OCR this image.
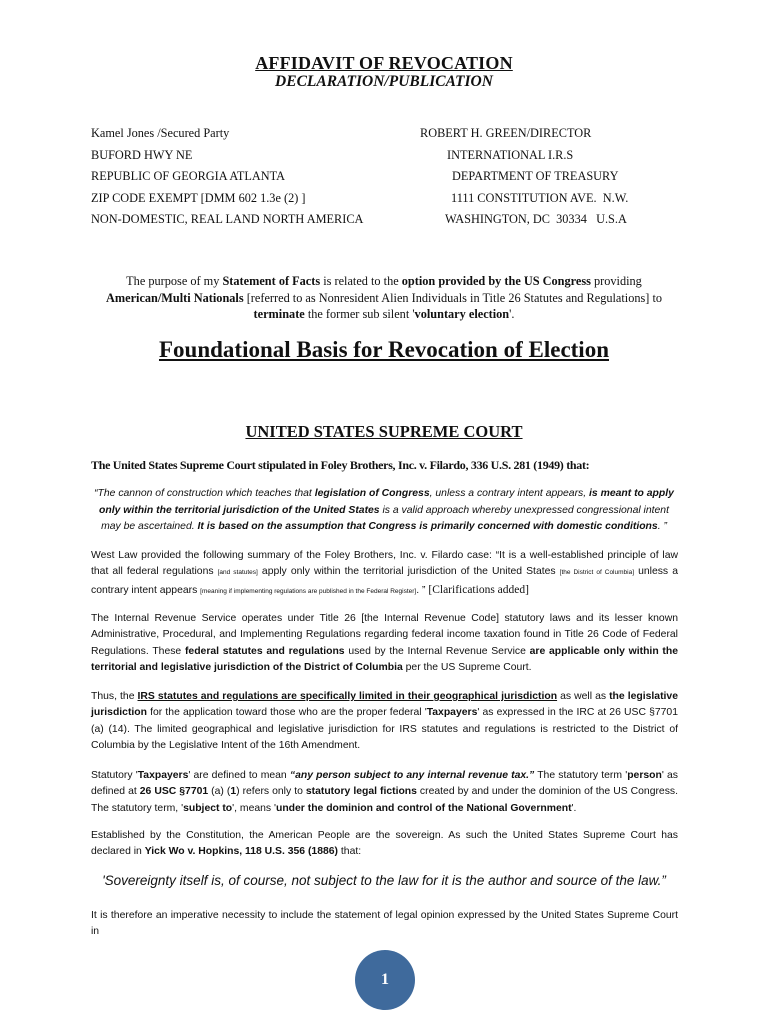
AFFIDAVIT OF REVOCATION
DECLARATION/PUBLICATION
Kamel Jones /Secured Party
BUFORD HWY NE
REPUBLIC OF GEORGIA ATLANTA
ZIP CODE EXEMPT [DMM 602 1.3e (2) ]
NON-DOMESTIC, REAL LAND NORTH AMERICA
ROBERT H. GREEN/DIRECTOR
INTERNATIONAL I.R.S
DEPARTMENT OF TREASURY
1111 CONSTITUTION AVE.  N.W.
WASHINGTON, DC  30334   U.S.A
The purpose of my Statement of Facts is related to the option provided by the US Congress providing American/Multi Nationals [referred to as Nonresident Alien Individuals in Title 26 Statutes and Regulations] to terminate the former sub silent 'voluntary election'.
Foundational Basis for Revocation of Election
UNITED STATES SUPREME COURT
The United States Supreme Court stipulated in Foley Brothers, Inc. v. Filardo, 336 U.S. 281 (1949) that:
“The cannon of construction which teaches that legislation of Congress, unless a contrary intent appears, is meant to apply only within the territorial jurisdiction of the United States is a valid approach whereby unexpressed congressional intent may be ascertained. It is based on the assumption that Congress is primarily concerned with domestic conditions. ”
West Law provided the following summary of the Foley Brothers, Inc. v. Filardo case: “It is a well-established principle of law that all federal regulations [and statutes] apply only within the territorial jurisdiction of the United States [the District of Columbia] unless a contrary intent appears [meaning if implementing regulations are published in the Federal Register]. ” [Clarifications added]
The Internal Revenue Service operates under Title 26 [the Internal Revenue Code] statutory laws and its lesser known Administrative, Procedural, and Implementing Regulations regarding federal income taxation found in Title 26 Code of Federal Regulations. These federal statutes and regulations used by the Internal Revenue Service are applicable only within the territorial and legislative jurisdiction of the District of Columbia per the US Supreme Court.
Thus, the IRS statutes and regulations are specifically limited in their geographical jurisdiction as well as the legislative jurisdiction for the application toward those who are the proper federal 'Taxpayers' as expressed in the IRC at 26 USC §7701 (a) (14). The limited geographical and legislative jurisdiction for IRS statutes and regulations is restricted to the District of Columbia by the Legislative Intent of the 16th Amendment.
Statutory 'Taxpayers' are defined to mean “any person subject to any internal revenue tax.” The statutory term 'person' as defined at 26 USC §7701 (a) (1) refers only to statutory legal fictions created by and under the dominion of the US Congress. The statutory term, 'subject to', means 'under the dominion and control of the National Government'.
Established by the Constitution, the American People are the sovereign. As such the United States Supreme Court has declared in Yick Wo v. Hopkins, 118 U.S. 356 (1886) that:
'Sovereignty itself is, of course, not subject to the law for it is the author and source of the law.”
It is therefore an imperative necessity to include the statement of legal opinion expressed by the United States Supreme Court in
1
